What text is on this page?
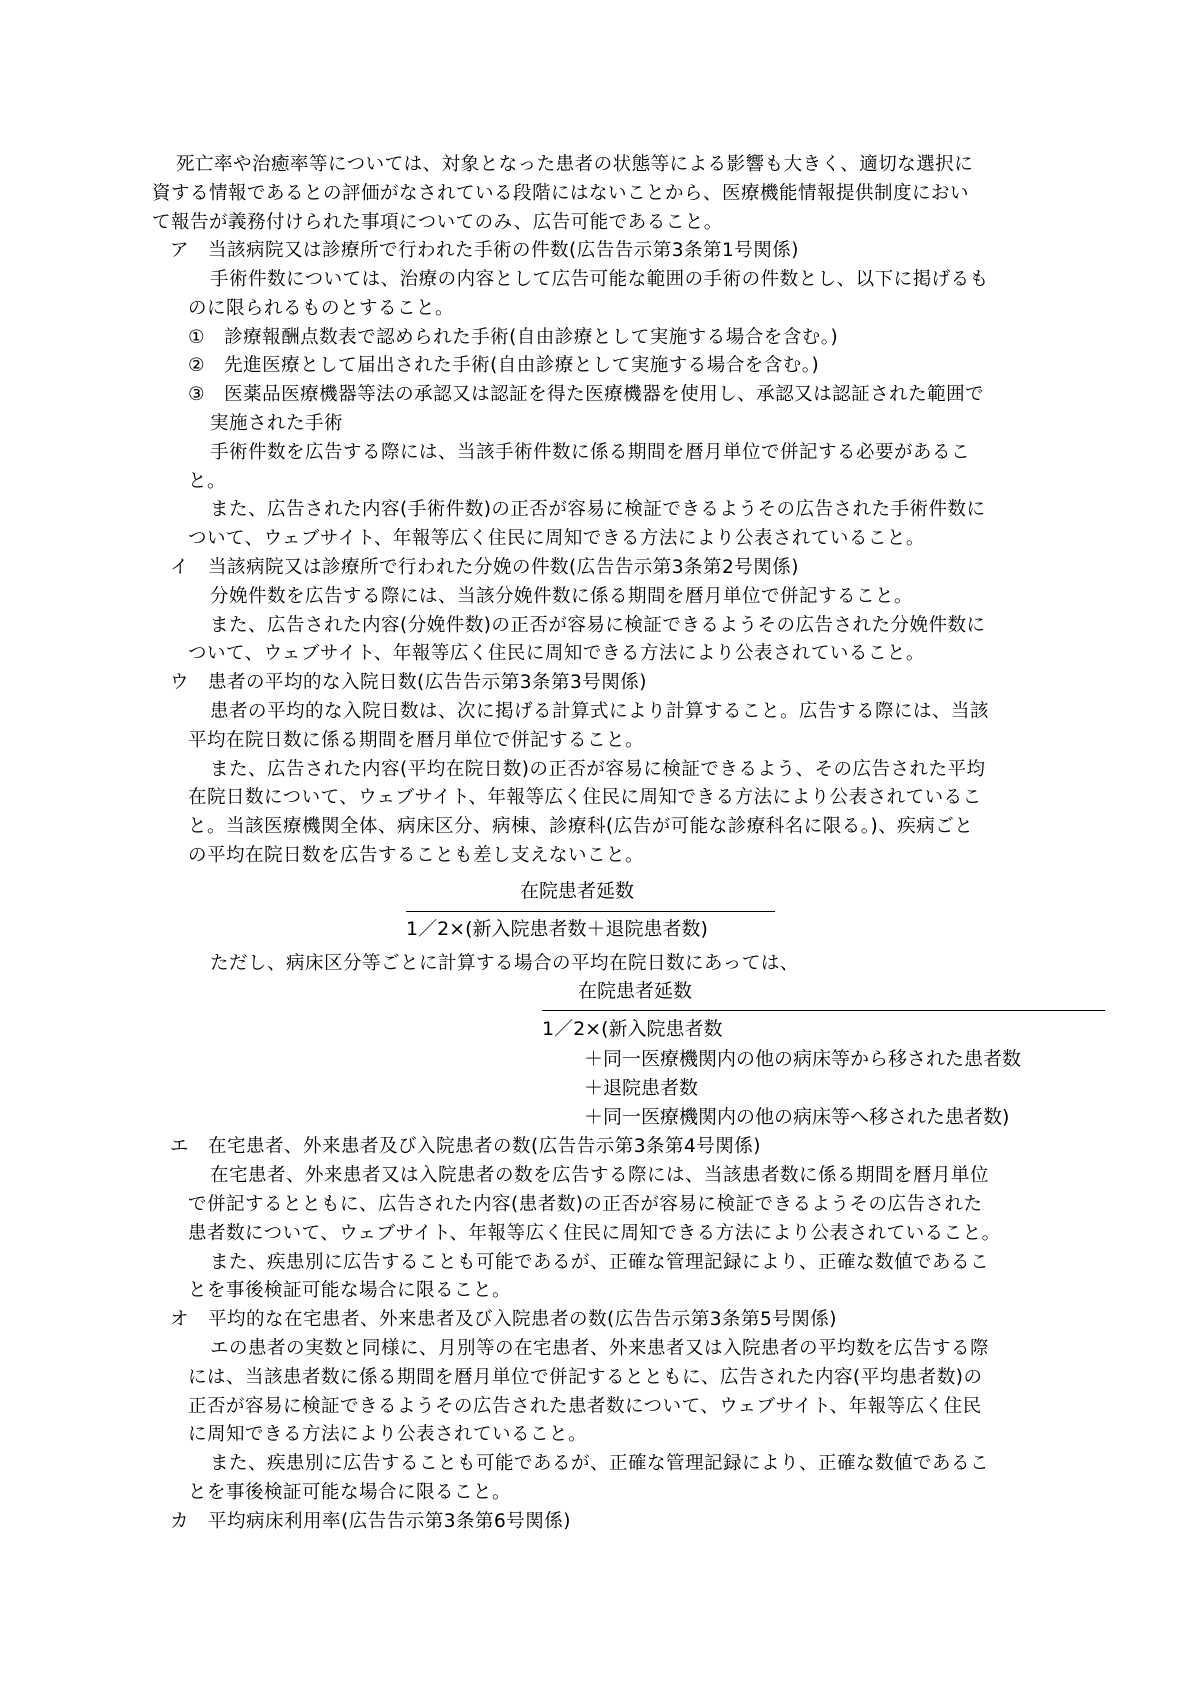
死亡率や治癒率等については、対象となった患者の状態等による影響も大きく、適切な選択に
資する情報であるとの評価がなされている段階にはないことから、医療機能情報提供制度におい
て報告が義務付けられた事項についてのみ、広告可能であること。
ア　当該病院又は診療所で行われた手術の件数(広告告示第3条第1号関係)
手術件数については、治療の内容として広告可能な範囲の手術の件数とし、以下に掲げるも
のに限られるものとすること。
①　診療報酬点数表で認められた手術(自由診療として実施する場合を含む。)
②　先進医療として届出された手術(自由診療として実施する場合を含む。)
③　医薬品医療機器等法の承認又は認証を得た医療機器を使用し、承認又は認証された範囲で
実施された手術
手術件数を広告する際には、当該手術件数に係る期間を暦月単位で併記する必要があるこ
と。
また、広告された内容(手術件数)の正否が容易に検証できるようその広告された手術件数に
ついて、ウェブサイト、年報等広く住民に周知できる方法により公表されていること。
イ　当該病院又は診療所で行われた分娩の件数(広告告示第3条第2号関係)
分娩件数を広告する際には、当該分娩件数に係る期間を暦月単位で併記すること。
また、広告された内容(分娩件数)の正否が容易に検証できるようその広告された分娩件数に
ついて、ウェブサイト、年報等広く住民に周知できる方法により公表されていること。
ウ　患者の平均的な入院日数(広告告示第3条第3号関係)
患者の平均的な入院日数は、次に掲げる計算式により計算すること。広告する際には、当該
平均在院日数に係る期間を暦月単位で併記すること。
また、広告された内容(平均在院日数)の正否が容易に検証できるよう、その広告された平均
在院日数について、ウェブサイト、年報等広く住民に周知できる方法により公表されているこ
と。当該医療機関全体、病床区分、病棟、診療科(広告が可能な診療科名に限る。)、疾病ごと
の平均在院日数を広告することも差し支えないこと。
在院患者延数
1／2×(新入院患者数＋退院患者数)
ただし、病床区分等ごとに計算する場合の平均在院日数にあっては、
在院患者延数
1／2×(新入院患者数
＋同一医療機関内の他の病床等から移された患者数
＋退院患者数
＋同一医療機関内の他の病床等へ移された患者数)
エ　在宅患者、外来患者及び入院患者の数(広告告示第3条第4号関係)
在宅患者、外来患者又は入院患者の数を広告する際には、当該患者数に係る期間を暦月単位
で併記するとともに、広告された内容(患者数)の正否が容易に検証できるようその広告された
患者数について、ウェブサイト、年報等広く住民に周知できる方法により公表されていること。
また、疾患別に広告することも可能であるが、正確な管理記録により、正確な数値であるこ
とを事後検証可能な場合に限ること。
オ　平均的な在宅患者、外来患者及び入院患者の数(広告告示第3条第5号関係)
エの患者の実数と同様に、月別等の在宅患者、外来患者又は入院患者の平均数を広告する際
には、当該患者数に係る期間を暦月単位で併記するとともに、広告された内容(平均患者数)の
正否が容易に検証できるようその広告された患者数について、ウェブサイト、年報等広く住民
に周知できる方法により公表されていること。
また、疾患別に広告することも可能であるが、正確な管理記録により、正確な数値であるこ
とを事後検証可能な場合に限ること。
カ　平均病床利用率(広告告示第3条第6号関係)
